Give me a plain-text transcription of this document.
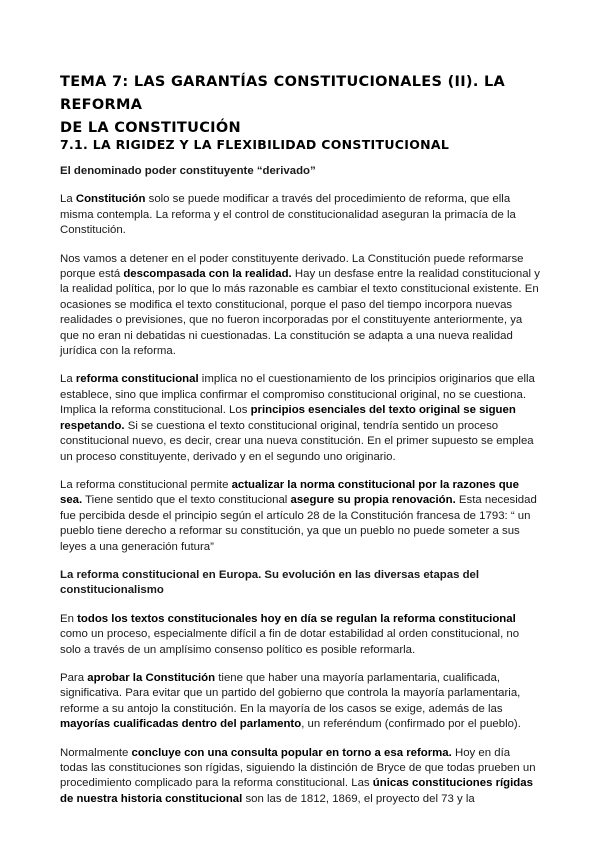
TEMA 7: LAS GARANTÍAS CONSTITUCIONALES (II). LA REFORMA
DE LA CONSTITUCIÓN
7.1. LA RIGIDEZ Y LA FLEXIBILIDAD CONSTITUCIONAL

El denominado poder constituyente “derivado”

La Constitución solo se puede modificar a través del procedimiento de reforma, que ella misma contempla. La reforma y el control de constitucionalidad aseguran la primacía de la Constitución.

Nos vamos a detener en el poder constituyente derivado. La Constitución puede reformarse porque está descompasada con la realidad. Hay un desfase entre la realidad constitucional y la realidad política, por lo que lo más razonable es cambiar el texto constitucional existente. En ocasiones se modifica el texto constitucional, porque el paso del tiempo incorpora nuevas realidades o previsiones, que no fueron incorporadas por el constituyente anteriormente, ya que no eran ni debatidas ni cuestionadas. La constitución se adapta a una nueva realidad jurídica con la reforma.

La reforma constitucional implica no el cuestionamiento de los principios originarios que ella establece, sino que implica confirmar el compromiso constitucional original, no se cuestiona. Implica la reforma constitucional. Los principios esenciales del texto original se siguen respetando. Si se cuestiona el texto constitucional original, tendría sentido un proceso constitucional nuevo, es decir, crear una nueva constitución. En el primer supuesto se emplea un proceso constituyente, derivado y en el segundo uno originario.

La reforma constitucional permite actualizar la norma constitucional por la razones que sea. Tiene sentido que el texto constitucional asegure su propia renovación. Esta necesidad fue percibida desde el principio según el artículo 28 de la Constitución francesa de 1793: “ un pueblo tiene derecho a reformar su constitución, ya que un pueblo no puede someter a sus leyes a una generación futura”

La reforma constitucional en Europa. Su evolución en las diversas etapas del constitucionalismo

En todos los textos constitucionales hoy en día se regulan la reforma constitucional como un proceso, especialmente difícil a fin de dotar estabilidad al orden constitucional, no solo a través de un amplísimo consenso político es posible reformarla.

Para aprobar la Constitución tiene que haber una mayoría parlamentaria, cualificada, significativa. Para evitar que un partido del gobierno que controla la mayoría parlamentaria, reforme a su antojo la constitución. En la mayoría de los casos se exige, además de las mayorías cualificadas dentro del parlamento, un referéndum (confirmado por el pueblo).

Normalmente concluye con una consulta popular en torno a esa reforma. Hoy en día todas las constituciones son rígidas, siguiendo la distinción de Bryce de que todas prueben un procedimiento complicado para la reforma constitucional. Las únicas constituciones rígidas de nuestra historia constitucional son las de 1812, 1869, el proyecto del 73 y la
